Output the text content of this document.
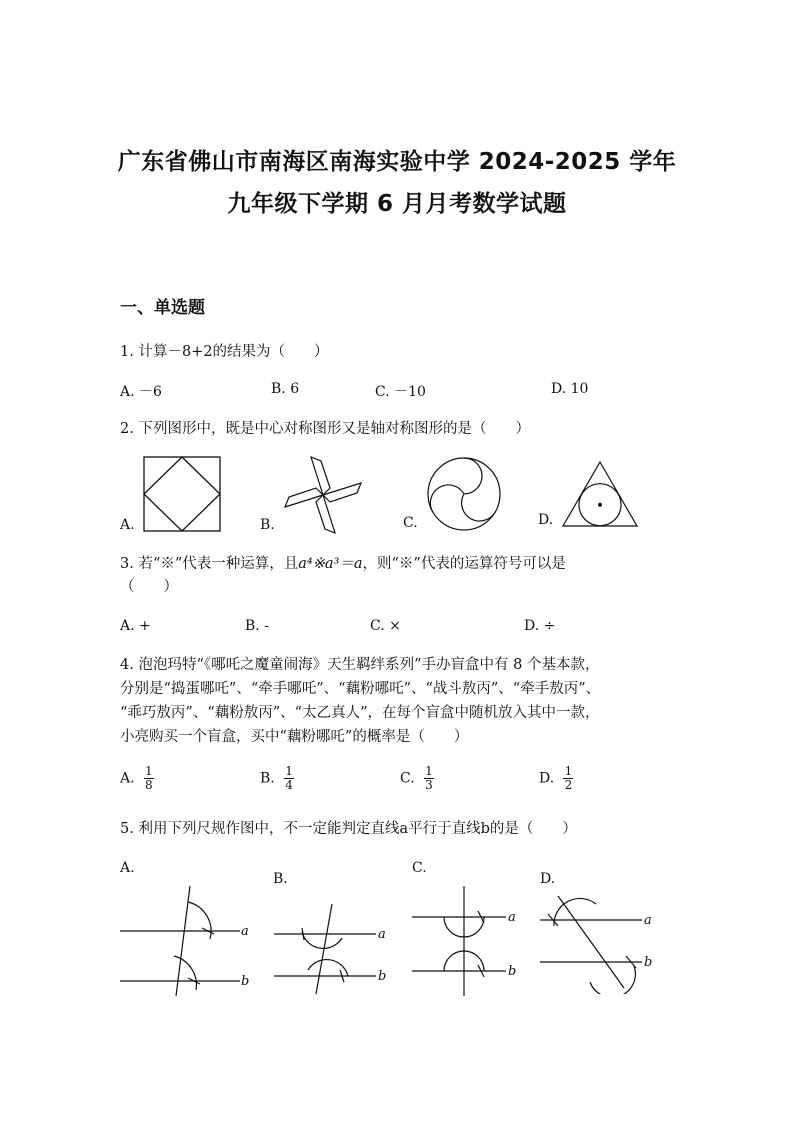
广东省佛山市南海区南海实验中学 2024-2025 学年
九年级下学期 6 月月考数学试题
一、单选题
1. 计算－8+2的结果为（　　）
A. －6	B. 6	C. －10	D. 10
2. 下列图形中，既是中心对称图形又是轴对称图形的是（　　）
A.	B.	C.	D.
3. 若“※”代表一种运算，且a⁴※a³＝a，则“※”代表的运算符号可以是
（　　）
A. +	B. -	C. ×	D. ÷
4. 泡泡玛特“《哪吒之魔童闹海》天生羁绊系列”手办盲盒中有 8 个基本款，
分别是“捣蛋哪吒”、“牵手哪吒”、“藕粉哪吒”、“战斗敖丙”、“牵手敖丙”、
“乖巧敖丙”、“藕粉敖丙”、“太乙真人”，在每个盲盒中随机放入其中一款，
小亮购买一个盲盒，买中“藕粉哪吒”的概率是（　　）
A. $\frac{1}{8}$	B. $\frac{1}{4}$	C. $\frac{1}{3}$	D. $\frac{1}{2}$
5. 利用下列尺规作图中，不一定能判定直线a平行于直线b的是（　　）
A.
B.
C.
D.
a
b
a
b
a
b
a
b
